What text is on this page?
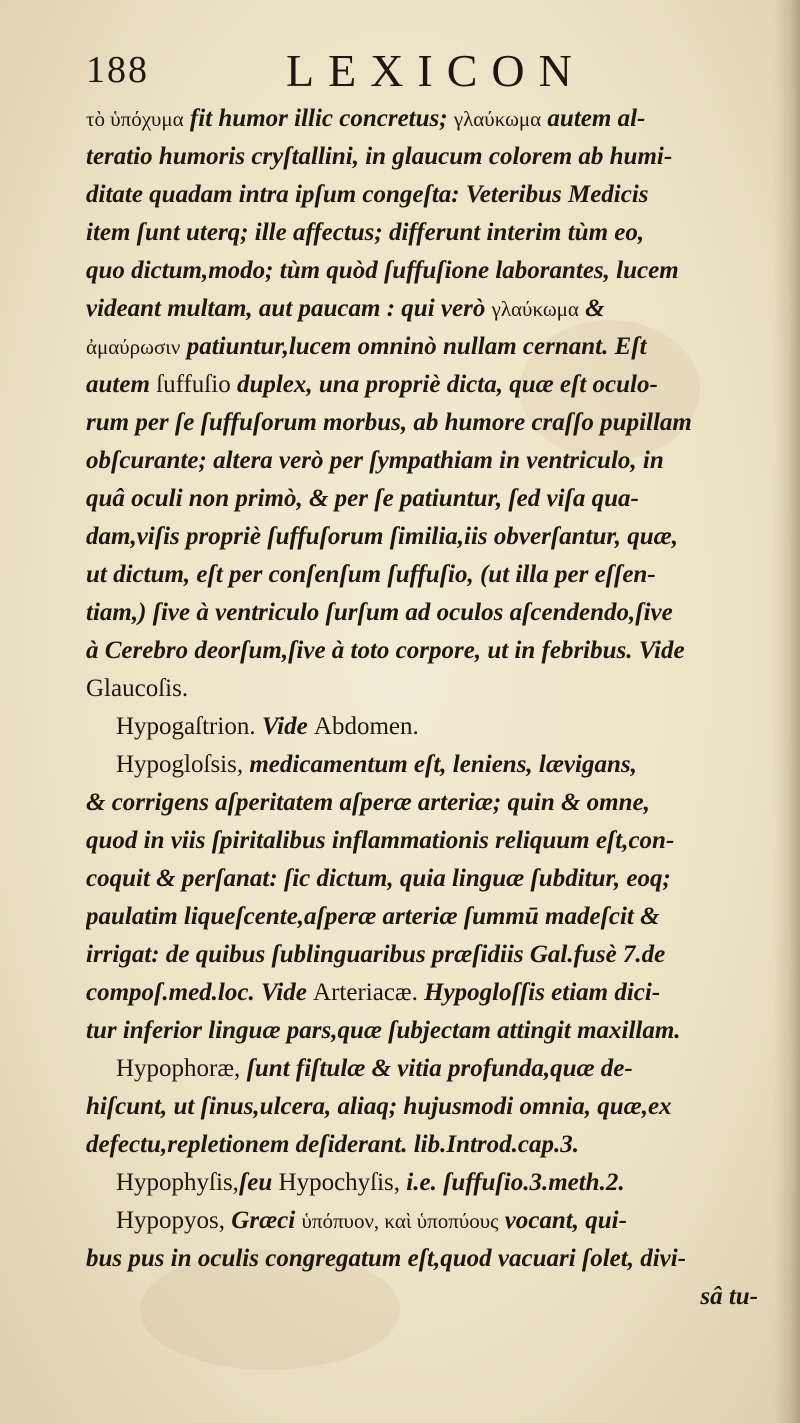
188	LEXICON
τὸ ὑπόχυμα fit humor illic concretus; γλαύκωμα autem al-
teratio humoris cryſtallini, in glaucum colorem ab humi-
ditate quadam intra ipſum congeſta: Veteribus Medicis
item ſunt uterq; ille affectus; differunt interim tùm eo,
quo dictum,modo; tùm quòd ſuffuſione laborantes, lucem
videant multam, aut paucam : qui verò γλαύκωμα &
ἀμαύρωσιν patiuntur,lucem omninò nullam cernant. Eſt
autem ſuffuſio duplex, una propriè dicta, quæ eſt oculo-
rum per ſe ſuffuſorum morbus, ab humore craſſo pupillam
obſcurante; altera verò per ſympathiam in ventriculo, in
quâ oculi non primò, & per ſe patiuntur, ſed viſa qua-
dam,viſis propriè ſuffuſorum ſimilia,iis obverſantur, quæ,
ut dictum, eſt per conſenſum ſuffuſio, (ut illa per eſſen-
tiam,) ſive à ventriculo ſurſum ad oculos aſcendendo,ſive
à Cerebro deorſum,ſive à toto corpore, ut in febribus. Vide
Glaucoſis.
Hypogaſtrion. Vide Abdomen.
Hypogloſsis, medicamentum eſt, leniens, lævigans,
& corrigens aſperitatem aſperæ arteriæ; quin & omne,
quod in viis ſpiritalibus inflammationis reliquum eſt,con-
coquit & perſanat: ſic dictum, quia linguæ ſubditur, eoq;
paulatim liqueſcente,aſperæ arteriæ ſummū madeſcit &
irrigat: de quibus ſublinguaribus præſidiis Gal.fusè 7.de
compoſ.med.loc. Vide Arteriacæ. Hypogloſſis etiam dici-
tur inferior linguæ pars,quæ ſubjectam attingit maxillam.
Hypophoræ, ſunt fiſtulæ & vitia profunda,quæ de-
hiſcunt, ut ſinus,ulcera, aliaq; hujusmodi omnia, quæ,ex
defectu,repletionem deſiderant. lib.Introd.cap.3.
Hypophyſis,ſeu Hypochyſis, i.e. ſuffuſio.3.meth.2.
Hypopyos, Græci ὑπόπυον, καὶ ὑποπύους vocant, qui-
bus pus in oculis congregatum eſt,quod vacuari ſolet, divi-
sâ tu-
